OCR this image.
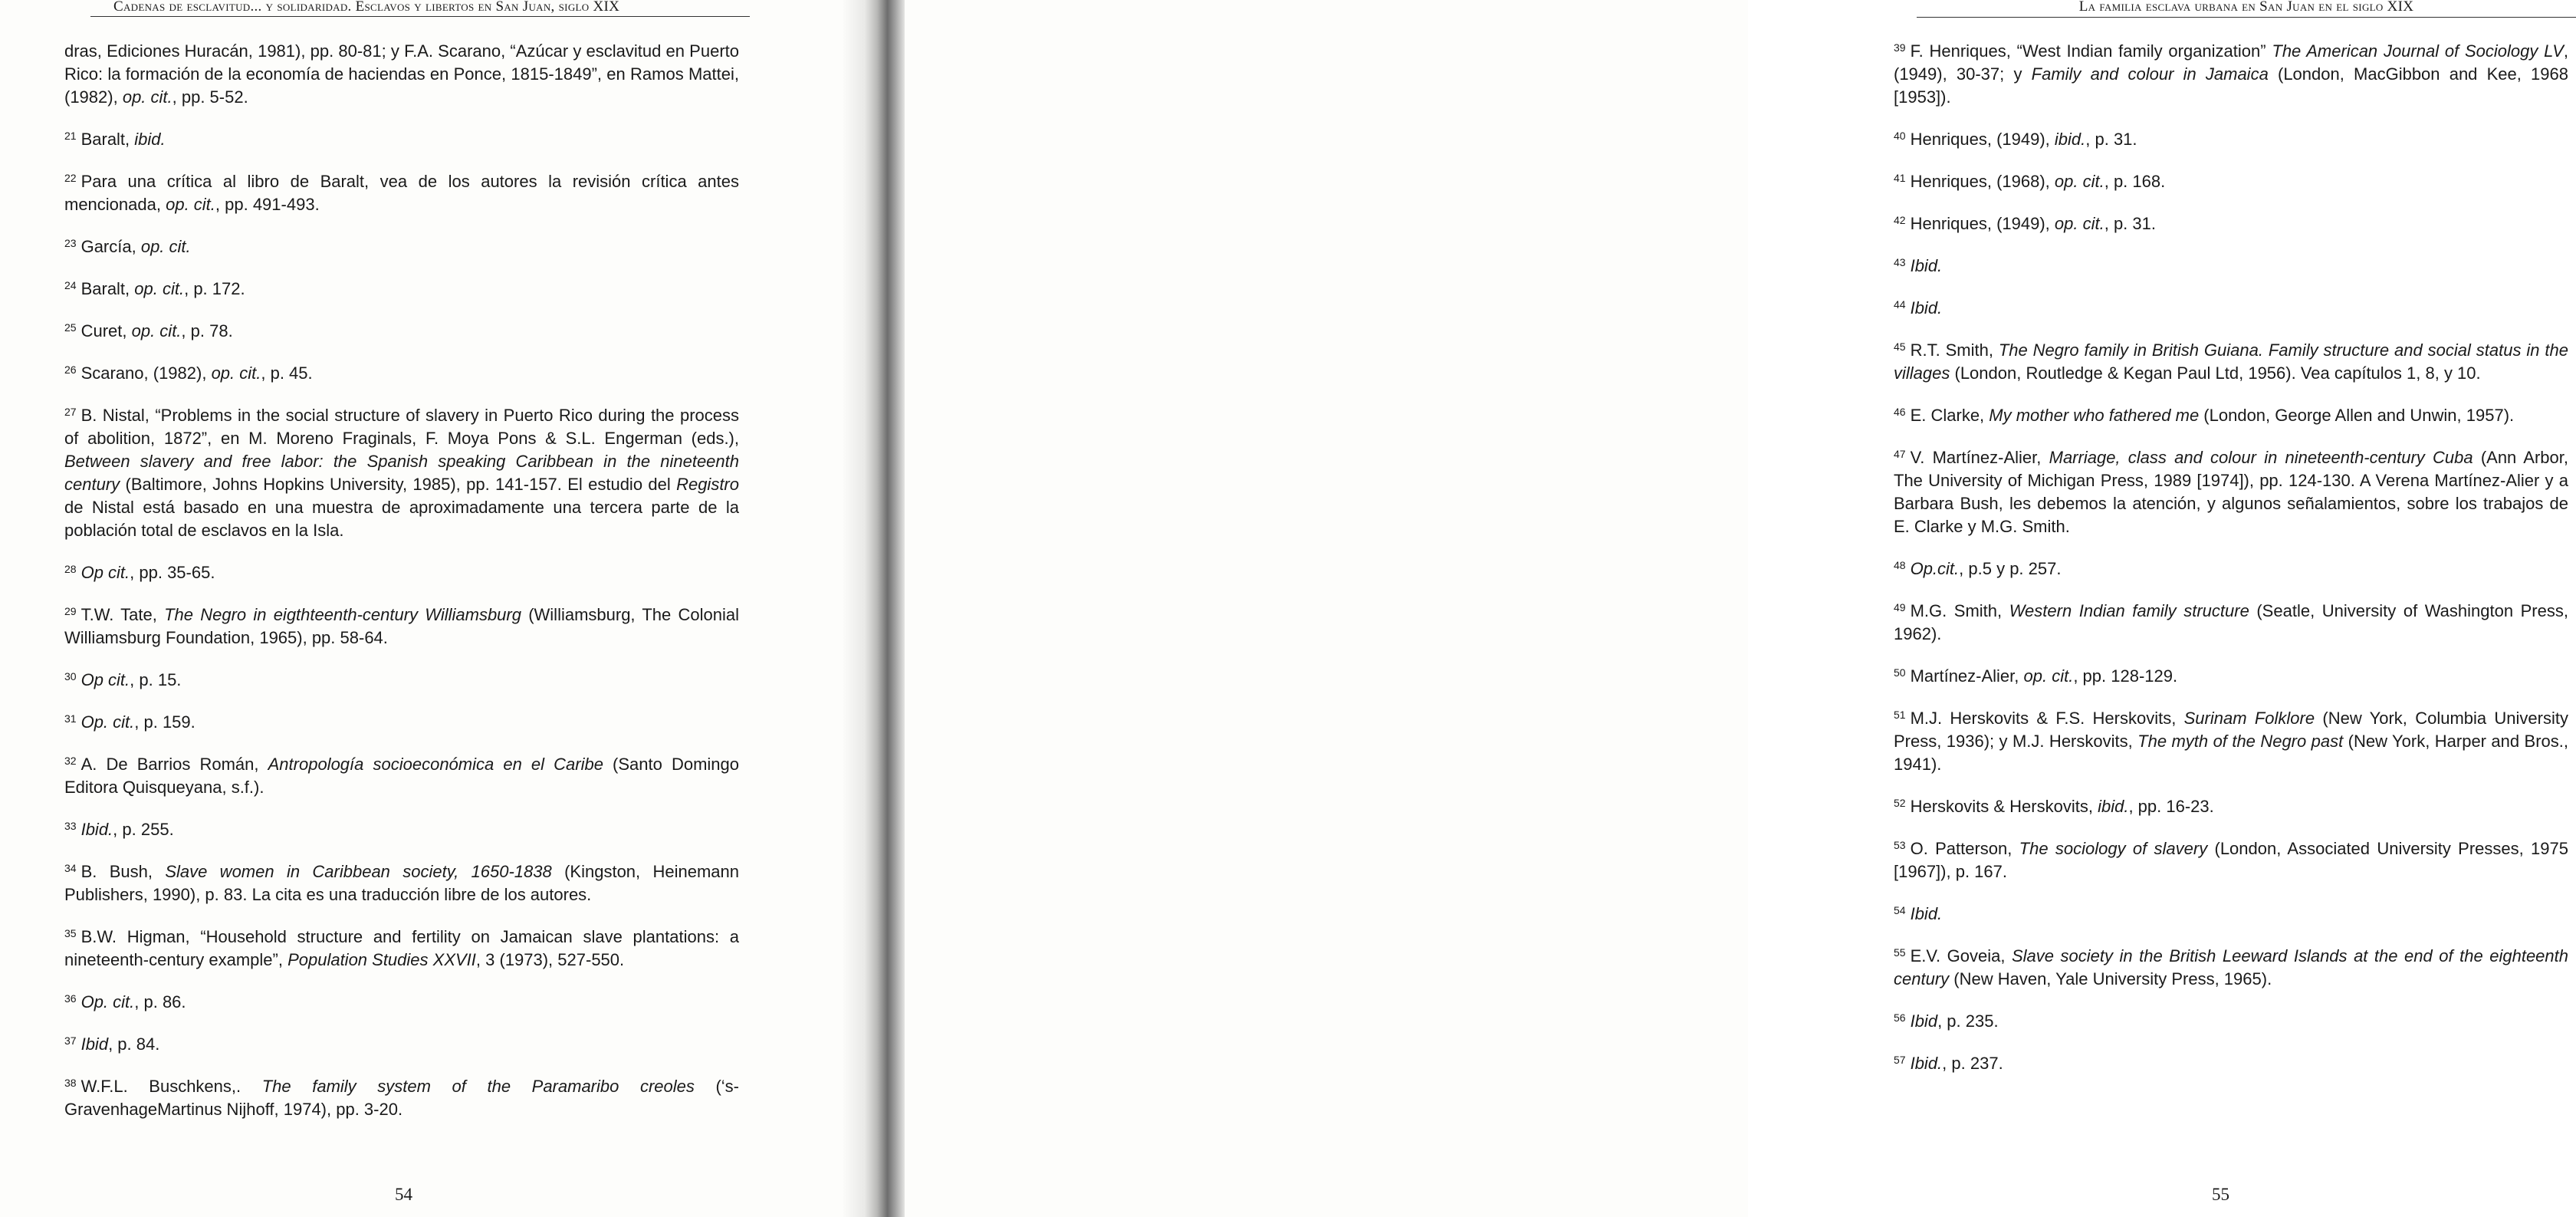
Cadenas de esclavitud... y solidaridad. Esclavos y libertos en San Juan, siglo XIX

dras, Ediciones Huracán, 1981), pp. 80-81; y F.A. Scarano, “Azúcar y esclavitud en Puerto Rico: la formación de la economía de haciendas en Ponce, 1815-1849”, en Ramos Mattei, (1982), op. cit., pp. 5-52.

$^{21}$ Baralt, ibid.

$^{22}$ Para una crítica al libro de Baralt, vea de los autores la revisión crítica antes mencionada, op. cit., pp. 491-493.

$^{23}$ García, op. cit.

$^{24}$ Baralt, op. cit., p. 172.

$^{25}$ Curet, op. cit., p. 78.

$^{26}$ Scarano, (1982), op. cit., p. 45.

$^{27}$ B. Nistal, “Problems in the social structure of slavery in Puerto Rico during the process of abolition, 1872”, en M. Moreno Fraginals, F. Moya Pons & S.L. Engerman (eds.), Between slavery and free labor: the Spanish speaking Caribbean in the nineteenth century (Baltimore, Johns Hopkins University, 1985), pp. 141-157. El estudio del Registro de Nistal está basado en una muestra de aproximadamente una tercera parte de la población total de esclavos en la Isla.

$^{28}$ Op cit., pp. 35-65.

$^{29}$ T.W. Tate, The Negro in eigthteenth-century Williamsburg (Williamsburg, The Colonial Williamsburg Foundation, 1965), pp. 58-64.

$^{30}$ Op cit., p. 15.

$^{31}$ Op. cit., p. 159.

$^{32}$ A. De Barrios Román, Antropología socioeconómica en el Caribe (Santo Domingo Editora Quisqueyana, s.f.).

$^{33}$ Ibid., p. 255.

$^{34}$ B. Bush, Slave women in Caribbean society, 1650-1838 (Kingston, Heinemann Publishers, 1990), p. 83. La cita es una traducción libre de los autores.

$^{35}$ B.W. Higman, “Household structure and fertility on Jamaican slave plantations: a nineteenth-century example”, Population Studies XXVII, 3 (1973), 527-550.

$^{36}$ Op. cit., p. 86.

$^{37}$ Ibid, p. 84.

$^{38}$ W.F.L. Buschkens,. The family system of the Paramaribo creoles (‘s-GravenhageMartinus Nijhoff, 1974), pp. 3-20.

54
La familia esclava urbana en San Juan en el siglo XIX

$^{39}$ F. Henriques, “West Indian family organization” The American Journal of Sociology LV, (1949), 30-37; y Family and colour in Jamaica (London, MacGibbon and Kee, 1968 [1953]).

$^{40}$ Henriques, (1949), ibid., p. 31.

$^{41}$ Henriques, (1968), op. cit., p. 168.

$^{42}$ Henriques, (1949), op. cit., p. 31.

$^{43}$ Ibid.

$^{44}$ Ibid.

$^{45}$ R.T. Smith, The Negro family in British Guiana. Family structure and social status in the villages (London, Routledge & Kegan Paul Ltd, 1956). Vea capítulos 1, 8, y 10.

$^{46}$ E. Clarke, My mother who fathered me (London, George Allen and Unwin, 1957).

$^{47}$ V. Martínez-Alier, Marriage, class and colour in nineteenth-century Cuba (Ann Arbor, The University of Michigan Press, 1989 [1974]), pp. 124-130. A Verena Martínez-Alier y a Barbara Bush, les debemos la atención, y algunos señalamientos, sobre los trabajos de E. Clarke y M.G. Smith.

$^{48}$ Op.cit., p.5 y p. 257.

$^{49}$ M.G. Smith, Western Indian family structure (Seatle, University of Washington Press, 1962).

$^{50}$ Martínez-Alier, op. cit., pp. 128-129.

$^{51}$ M.J. Herskovits & F.S. Herskovits, Surinam Folklore (New York, Columbia University Press, 1936); y M.J. Herskovits, The myth of the Negro past (New York, Harper and Bros., 1941).

$^{52}$ Herskovits & Herskovits, ibid., pp. 16-23.

$^{53}$ O. Patterson, The sociology of slavery (London, Associated University Presses, 1975 [1967]), p. 167.

$^{54}$ Ibid.

$^{55}$ E.V. Goveia, Slave society in the British Leeward Islands at the end of the eighteenth century (New Haven, Yale University Press, 1965).

$^{56}$ Ibid, p. 235.

$^{57}$ Ibid., p. 237.

55
